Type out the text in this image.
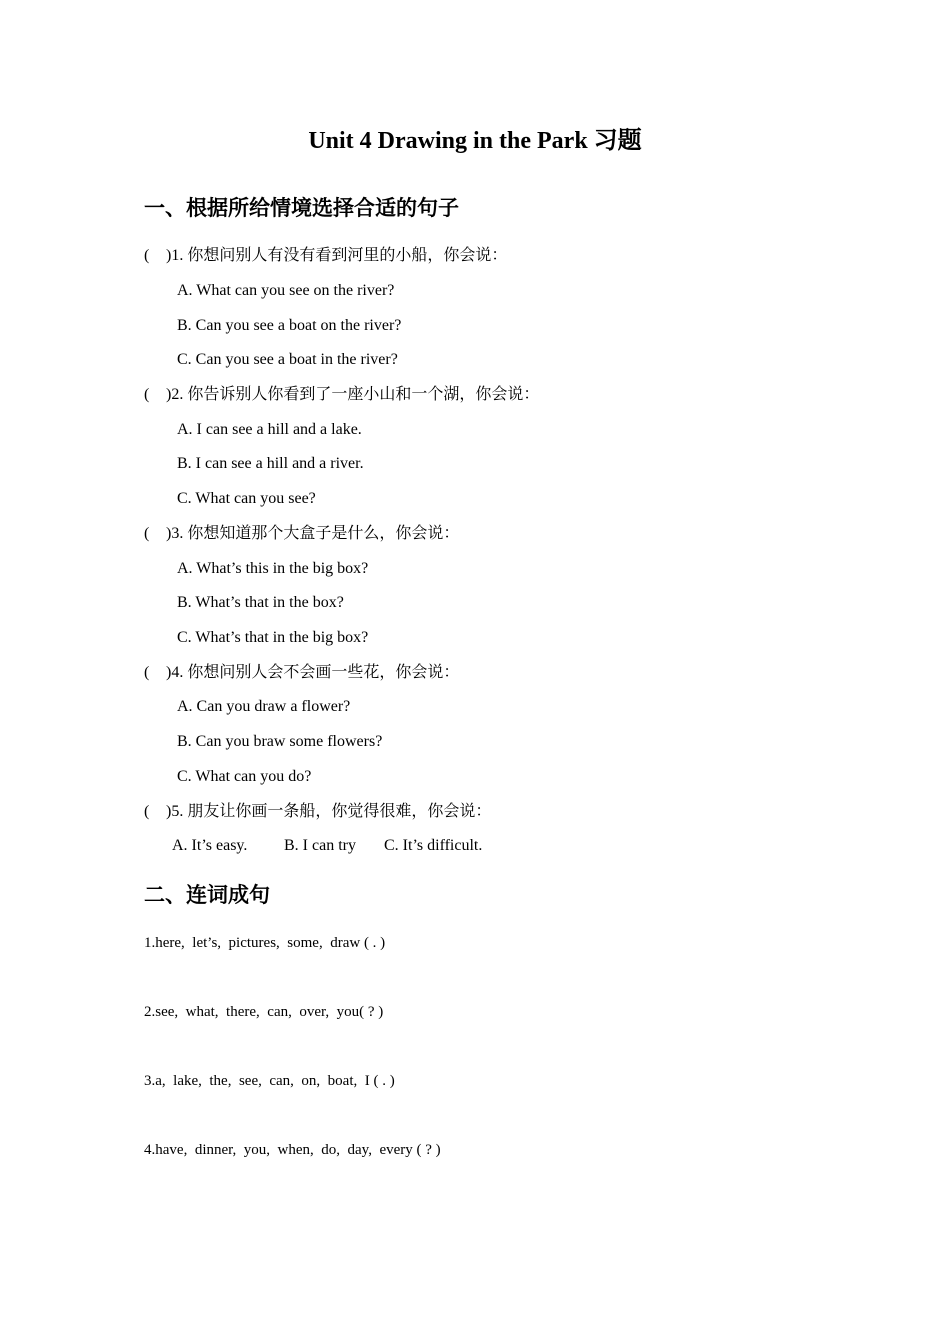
Unit 4 Drawing in the Park 习题
一、根据所给情境选择合适的句子
( )1. 你想问别人有没有看到河里的小船，你会说：
A. What can you see on the river?
B. Can you see a boat on the river?
C. Can you see a boat in the river?
( )2. 你告诉别人你看到了一座小山和一个湖，你会说：
A. I can see a hill and a lake.
B. I can see a hill and a river.
C. What can you see?
( )3. 你想知道那个大盒子是什么，你会说：
A. What’s this in the big box?
B. What’s that in the box?
C. What’s that in the big box?
( )4. 你想问别人会不会画一些花，你会说：
A. Can you draw a flower?
B. Can you braw some flowers?
C. What can you do?
( )5. 朋友让你画一条船，你觉得很难，你会说：
A. It’s easy. B. I can try C. It’s difficult.
二、连词成句
1.here,  let’s,  pictures,  some,  draw ( . )
2.see,  what,  there,  can,  over,  you( ? )
3.a,  lake,  the,  see,  can,  on,  boat,  I ( . )
4.have,  dinner,  you,  when,  do,  day,  every ( ? )
